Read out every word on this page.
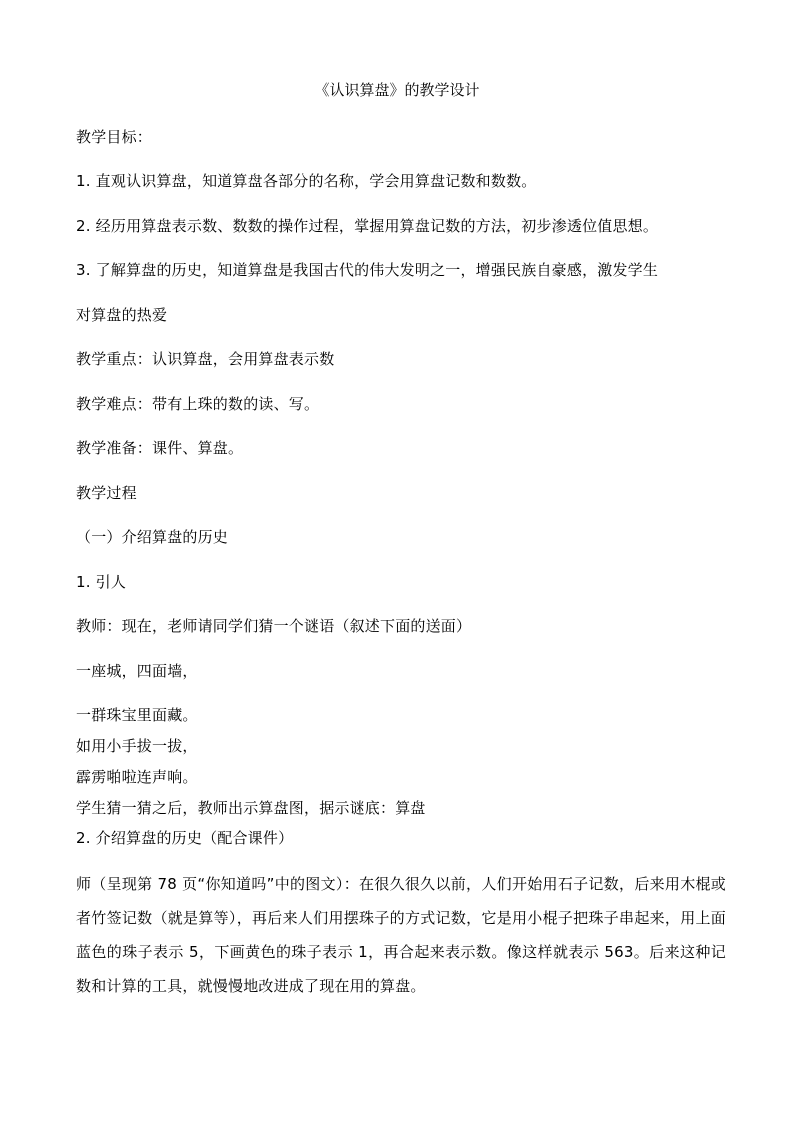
《认识算盘》的教学设计
教学目标：
1. 直观认识算盘，知道算盘各部分的名称，学会用算盘记数和数数。
2. 经历用算盘表示数、数数的操作过程，掌握用算盘记数的方法，初步渗透位值思想。
3. 了解算盘的历史，知道算盘是我国古代的伟大发明之一，增强民族自豪感，激发学生
对算盘的热爱
教学重点：认识算盘，会用算盘表示数
教学难点：带有上珠的数的读、写。
教学准备：课件、算盘。
教学过程
（一）介绍算盘的历史
1. 引人
教师：现在，老师请同学们猜一个谜语（叙述下面的送面）
一座城，四面墙，
一群珠宝里面藏。
如用小手拔一拔，
霹雳啪啦连声响。
学生猜一猜之后，教师出示算盘图，据示谜底：算盘
2. 介绍算盘的历史（配合课件）
师（呈现第 78 页“你知道吗”中的图文）：在很久很久以前，人们开始用石子记数，后来用木棍或者竹签记数（就是算等），再后来人们用摆珠子的方式记数，它是用小棍子把珠子串起来，用上面蓝色的珠子表示 5，下画黄色的珠子表示 1，再合起来表示数。像这样就表示 563。后来这种记数和计算的工具，就慢慢地改进成了现在用的算盘。
